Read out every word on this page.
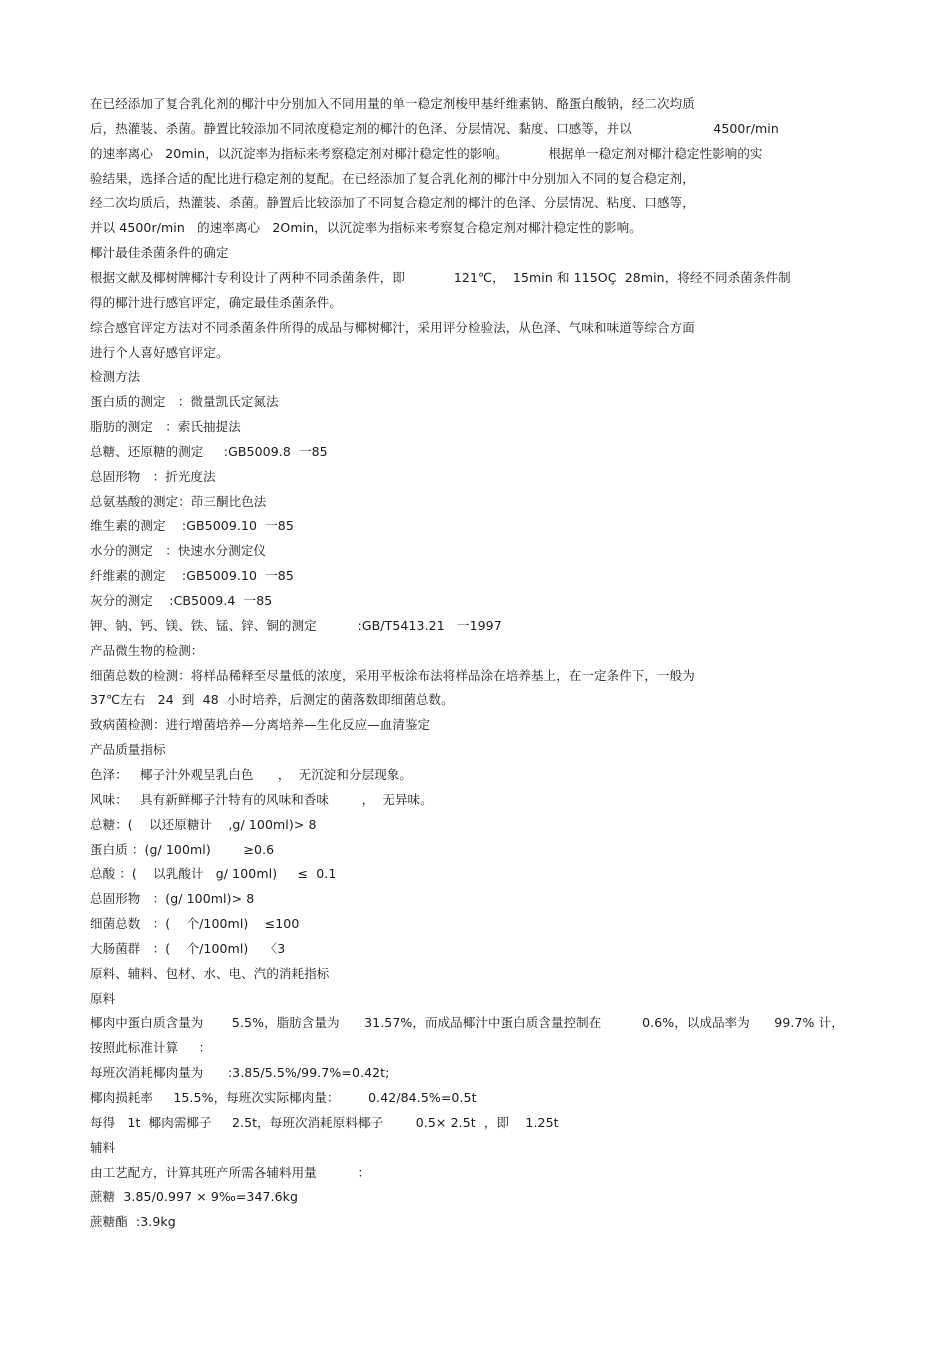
在已经添加了复合乳化剂的椰汁中分别加入不同用量的单一稳定剂梭甲基纤维素钠、酪蛋白酸钠，经二次均质
后，热灌装、杀菌。静置比较添加不同浓度稳定剂的椰汁的色泽、分层情况、黏度、口感等，并以                    4500r/min
的速率离心   20min，以沉淀率为指标来考察稳定剂对椰汁稳定性的影响。          根据单一稳定剂对椰汁稳定性影响的实
验结果，选择合适的配比进行稳定剂的复配。在已经添加了复合乳化剂的椰汁中分别加入不同的复合稳定剂，
经二次均质后，热灌装、杀菌。静置后比较添加了不同复合稳定剂的椰汁的色泽、分层情况、粘度、口感等，
并以 4500r/min   的速率离心   2Omin，以沉淀率为指标来考察复合稳定剂对椰汁稳定性的影响。
椰汁最佳杀菌条件的确定
根据文献及椰树牌椰汁专利设计了两种不同杀菌条件，即            121℃，  15min 和 115OÇ  28min，将经不同杀菌条件制
得的椰汁进行感官评定，确定最佳杀菌条件。
综合感官评定方法对不同杀菌条件所得的成品与椰树椰汁，采用评分检验法，从色泽、气味和味道等综合方面
进行个人喜好感官评定。
检测方法
蛋白质的测定   ：微量凯氏定氮法
脂肪的测定   ：索氏抽提法
总糖、还原糖的测定     :GB5009.8  一85
总固形物   ：折光度法
总氨基酸的测定：茚三酮比色法
维生素的测定    :GB5009.10  一85
水分的测定   ：快速水分测定仪
纤维素的测定    :GB5009.10  一85
灰分的测定    :CB5009.4  一85
钾、钠、钙、镁、铁、锰、锌、铜的测定          :GB/T5413.21   一1997
产品微生物的检测：
细菌总数的检测：将样品稀释至尽量低的浓度，采用平板涂布法将样品涂在培养基上，在一定条件下，一般为
37℃左右   24  到  48  小时培养，后测定的菌落数即细菌总数。
致病菌检测：进行增菌培养—分离培养—生化反应—血清鉴定
产品质量指标
色泽：   椰子汁外观呈乳白色      ，  无沉淀和分层现象。
风味：   具有新鲜椰子汁特有的风味和香味        ，  无异味。
总糖：(    以还原糖计    ,g/ 100ml)> 8
蛋白质 ：(g/ 100ml)        ≥0.6
总酸 ：(    以乳酸计   g/ 100ml)     ≤  0.1
总固形物   ：(g/ 100ml)> 8
细菌总数   ：(    个/100ml)    ≤100
大肠菌群   ：(    个/100ml)    〈3
原料、辅料、包材、水、电、汽的消耗指标
原料
椰肉中蛋白质含量为       5.5%，脂肪含量为      31.57%，而成品椰汁中蛋白质含量控制在          0.6%，以成品率为      99.7% 计，
按照此标准计算     ：
每班次消耗椰肉量为      :3.85/5.5%/99.7%=0.42t;
椰肉损耗率     15.5%，每班次实际椰肉量：       0.42/84.5%=0.5t
每得   1t  椰肉需椰子     2.5t，每班次消耗原料椰子        0.5× 2.5t  ，即    1.25t
辅料
由工艺配方，计算其班产所需各辅料用量          ：
蔗糖  3.85/0.997 × 9‰=347.6kg
蔗糖酯  :3.9kg
